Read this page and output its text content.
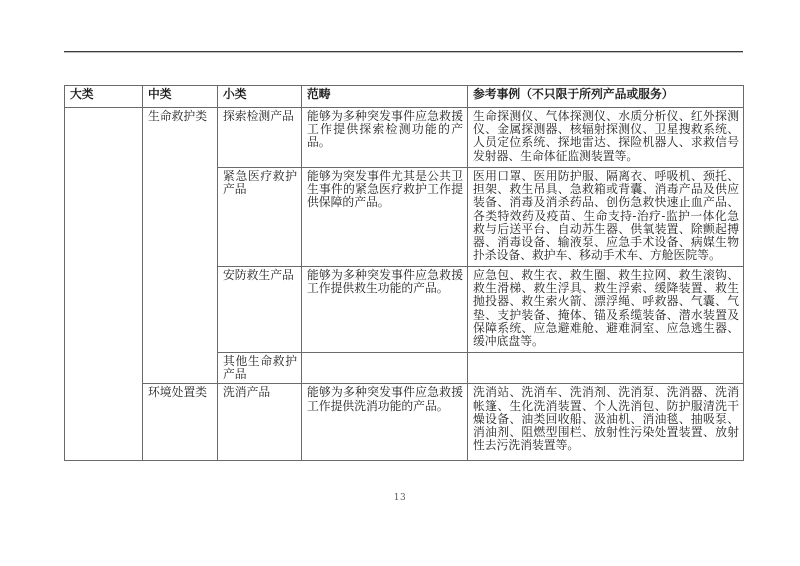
大类	中类	小类	范畴	参考事例（不只限于所列产品或服务）
	生命救护类	探索检测产品	能够为多种突发事件应急救援工作提供探索检测功能的产品。	生命探测仪、气体探测仪、水质分析仪、红外探测仪、金属探测器、核辐射探测仪、卫星搜救系统、人员定位系统、探地雷达、探险机器人、求救信号发射器、生命体征监测装置等。
		紧急医疗救护产品	能够为突发事件尤其是公共卫生事件的紧急医疗救护工作提供保障的产品。	医用口罩、医用防护服、隔离衣、呼吸机、颈托、担架、救生吊具、急救箱或背囊、消毒产品及供应装备、消毒及消杀药品、创伤急救快速止血产品、各类特效药及疫苗、生命支持-治疗-监护一体化急救与后送平台、自动苏生器、供氧装置、除颤起搏器、消毒设备、输液泵、应急手术设备、病媒生物扑杀设备、救护车、移动手术车、方舱医院等。
		安防救生产品	能够为多种突发事件应急救援工作提供救生功能的产品。	应急包、救生衣、救生圈、救生拉网、救生滚钩、救生滑梯、救生浮具、救生浮索、缓降装置、救生抛投器、救生索火箭、漂浮绳、呼救器、气囊、气垫、支护装备、掩体、锚及系缆装备、潜水装置及保障系统、应急避难舱、避难洞室、应急逃生器、缓冲底盘等。
		其他生命救护产品		
	环境处置类	洗消产品	能够为多种突发事件应急救援工作提供洗消功能的产品。	洗消站、洗消车、洗消剂、洗消泵、洗消器、洗消帐篷、生化洗消装置、个人洗消包、防护服清洗干燥设备、油类回收船、汲油机、消油毯、抽吸泵、消油剂、阻燃型围栏、放射性污染处置装置、放射性去污洗消装置等。
13
